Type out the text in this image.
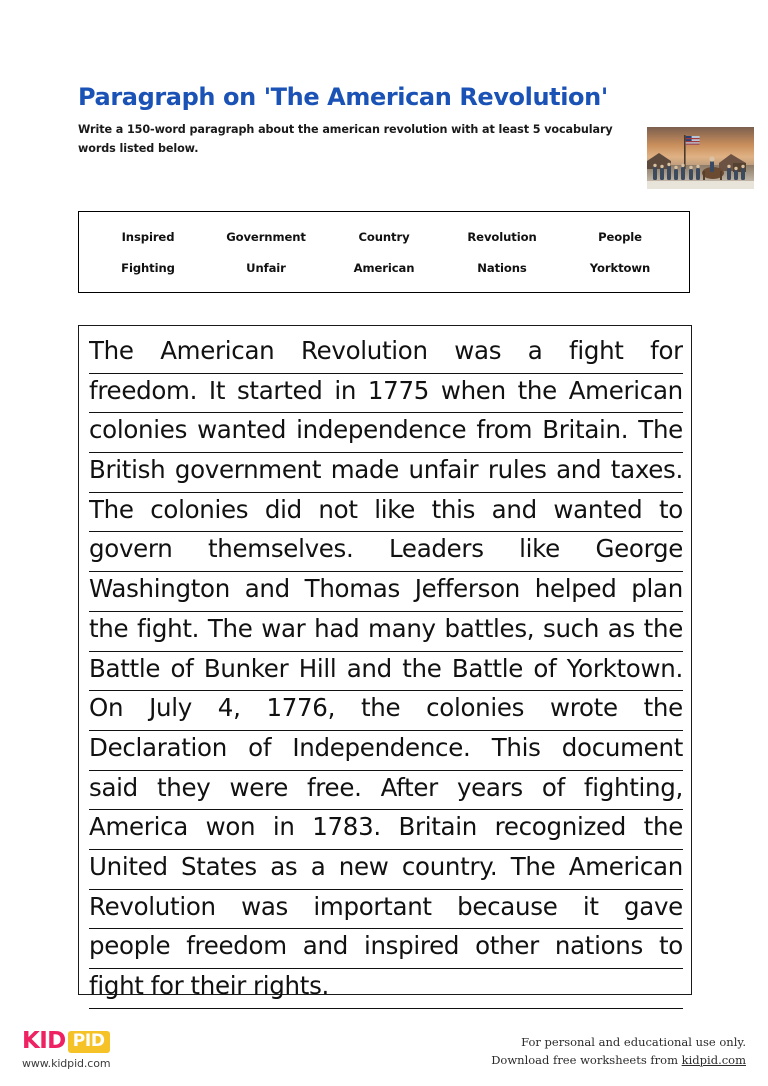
Paragraph on 'The American Revolution'
Write a 150-word paragraph about the american revolution with at least 5 vocabulary words listed below.
Inspired	Government	Country	Revolution	People
Fighting	Unfair	American	Nations	Yorktown
The American Revolution was a fight for
freedom. It started in 1775 when the American
colonies wanted independence from Britain. The
British government made unfair rules and taxes.
The colonies did not like this and wanted to
govern themselves. Leaders like George
Washington and Thomas Jefferson helped plan
the fight. The war had many battles, such as the
Battle of Bunker Hill and the Battle of Yorktown.
On July 4, 1776, the colonies wrote the
Declaration of Independence. This document
said they were free. After years of fighting,
America won in 1783. Britain recognized the
United States as a new country. The American
Revolution was important because it gave
people freedom and inspired other nations to
fight for their rights.
KID PID
www.kidpid.com
For personal and educational use only.
Download free worksheets from kidpid.com
